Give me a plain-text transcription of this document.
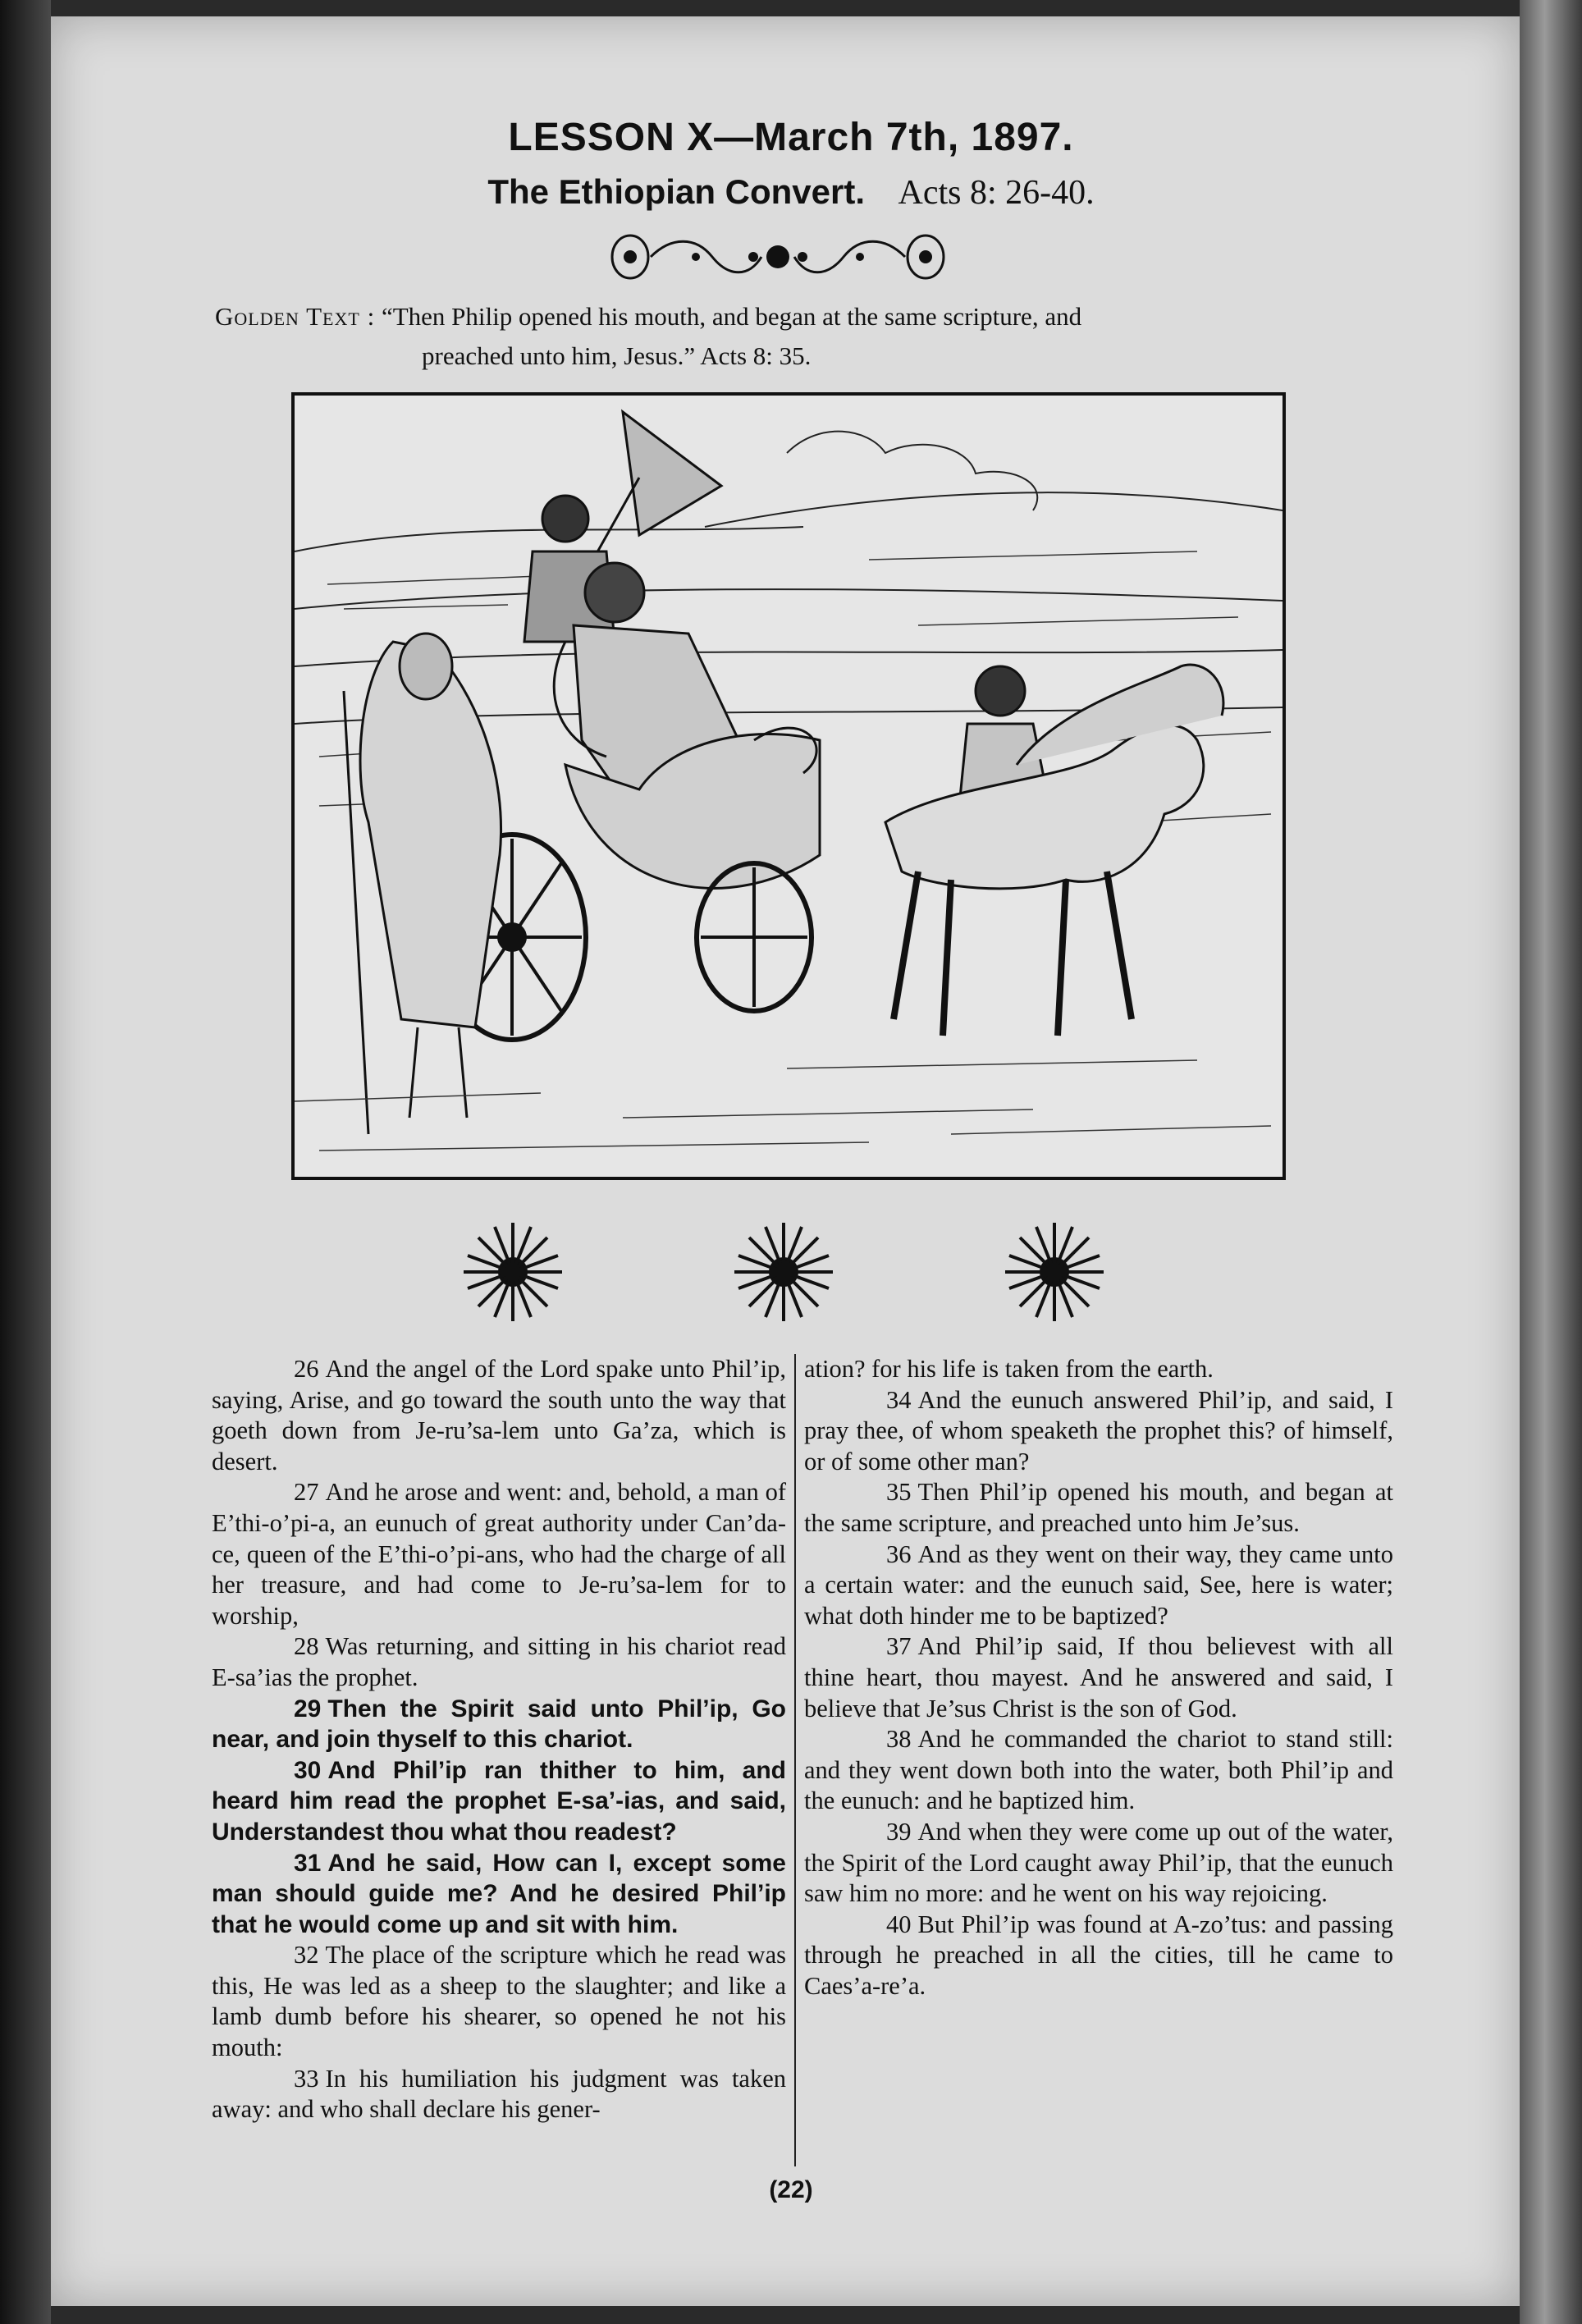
LESSON X—March 7th, 1897.
The Ethiopian Convert. Acts 8: 26-40.
Golden Text : “Then Philip opened his mouth, and began at the same scripture, and
preached unto him, Jesus.” Acts 8: 35.

26 And the angel of the Lord spake unto Phil’ip, saying, Arise, and go toward the south unto the way that goeth down from Je-ru’sa-lem unto Ga’za, which is desert.

27 And he arose and went: and, behold, a man of E’thi-o’pi-a, an eunuch of great authority under Can’da-ce, queen of the E’thi-o’pi-ans, who had the charge of all her treasure, and had come to Je-ru’sa-lem for to worship,

28 Was returning, and sitting in his chariot read E-sa’ias the prophet.

29 Then the Spirit said unto Phil’ip, Go near, and join thyself to this chariot.

30 And Phil’ip ran thither to him, and heard him read the prophet E-sa’-ias, and said, Understandest thou what thou readest?

31 And he said, How can I, except some man should guide me? And he desired Phil’ip that he would come up and sit with him.

32 The place of the scripture which he read was this, He was led as a sheep to the slaughter; and like a lamb dumb before his shearer, so opened he not his mouth:

33 In his humiliation his judgment was taken away: and who shall declare his gener-

ation? for his life is taken from the earth.

34 And the eunuch answered Phil’ip, and said, I pray thee, of whom speaketh the prophet this? of himself, or of some other man?

35 Then Phil’ip opened his mouth, and began at the same scripture, and preached unto him Je’sus.

36 And as they went on their way, they came unto a certain water: and the eunuch said, See, here is water; what doth hinder me to be baptized?

37 And Phil’ip said, If thou believest with all thine heart, thou mayest. And he answered and said, I believe that Je’sus Christ is the son of God.

38 And he commanded the chariot to stand still: and they went down both into the water, both Phil’ip and the eunuch: and he baptized him.

39 And when they were come up out of the water, the Spirit of the Lord caught away Phil’ip, that the eunuch saw him no more: and he went on his way rejoicing.

40 But Phil’ip was found at A-zo’tus: and passing through he preached in all the cities, till he came to Caes’a-re’a.

(22)
